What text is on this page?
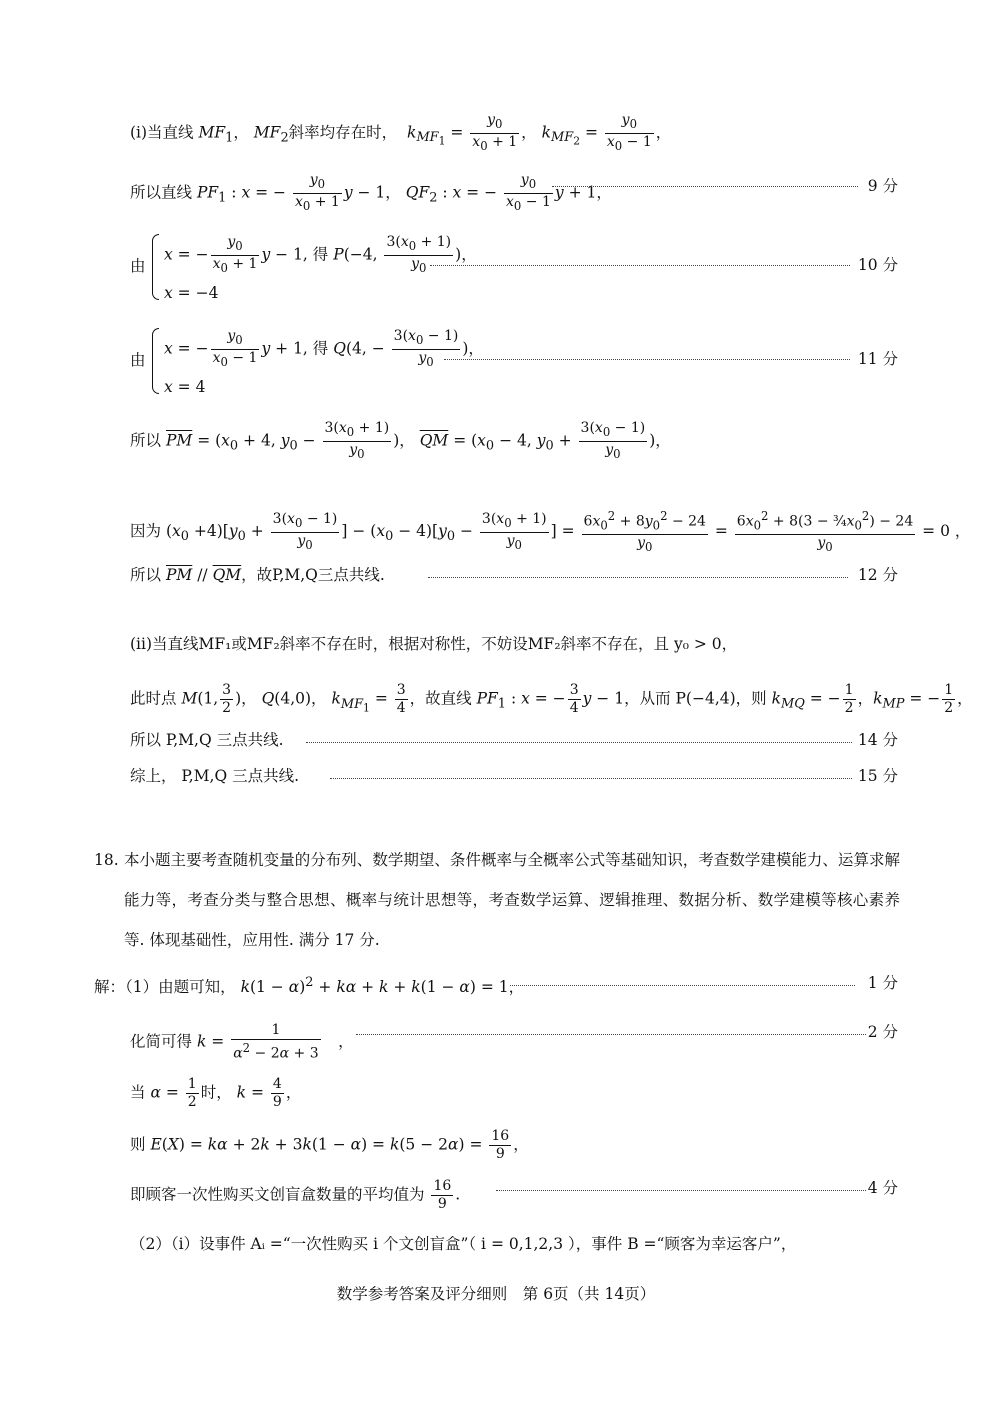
(i)当直线 $MF_1$， $MF_2$斜率均存在时， $k_{MF_1} = \frac{y_0}{x_0 + 1}$ ， $k_{MF_2} = \frac{y_0}{x_0 - 1}$ ，
所以直线 $PF_1$ : x = − $\frac{y_0}{x_0 + 1}$ y − 1， $QF_2$ : x = − $\frac{y_0}{x_0 - 1}$ y + 1，	9 分
由
x = − $\frac{y_0}{x_0 + 1}$ y − 1, 得 P(−4, $\frac{3(x_0 + 1)}{y_0}$ )，
x = −4
10 分
由
x = − $\frac{y_0}{x_0 - 1}$ y + 1, 得 Q(4, − $\frac{3(x_0 - 1)}{y_0}$ )，
x = 4
11 分
所以 $\overline{PM} = (x_0 + 4$, $y_0 - \frac{3(x_0 + 1)}{y_0}$ )， $\overline{QM} = (x_0 - 4$, $y_0 + \frac{3(x_0 - 1)}{y_0}$ )，
因为 $(x_0 +4)[y_0 + \frac{3(x_0 - 1)}{y_0}$ ] − $(x_0 - 4)[y_0 - \frac{3(x_0 + 1)}{y_0}$ ] = $\frac{6x_0^2 + 8y_0^2 - 24}{y_0} = \frac{6x_0^2 + 8(3 - \frac{3}{4}x_0^2) - 24}{y_0} = 0$ ，
所以 $\overline{PM} // \overline{QM}$，故P,M,Q三点共线.	12 分
(ii)当直线MF₁或MF₂斜率不存在时，根据对称性，不妨设MF₂斜率不存在，且 y₀ > 0，
此时点 M(1, $\frac{3}{2}$ )， Q(4,0)， $k_{MF_1} = \frac{3}{4}$ ，故直线 $PF_1$ : x = − $\frac{3}{4}$ y − 1，从而 P(−4,4)，则 $k_{MQ}$ = − $\frac{1}{2}$ ，$k_{MP}$ = − $\frac{1}{2}$ ，
所以 P,M,Q 三点共线.	14 分
综上， P,M,Q 三点共线.	15 分
18. 本小题主要考查随机变量的分布列、数学期望、条件概率与全概率公式等基础知识，考查数学建模能力、运算求解能力等，考查分类与整合思想、概率与统计思想等，考查数学运算、逻辑推理、数据分析、数学建模等核心素养等. 体现基础性，应用性. 满分 17 分.
解：（1）由题可知， $k(1 - \alpha)^2 + k\alpha + k + k(1 - \alpha) = 1$，	1 分
化简可得 $k = \frac{1}{\alpha^2 - 2\alpha + 3}$ 　，
2 分
当 $\alpha = \frac{1}{2}$ 时， $k = \frac{4}{9}$ ，
则 $E(X) = k\alpha + 2k + 3k(1 - \alpha) = k(5 - 2\alpha) = \frac{16}{9}$ ，
即顾客一次性购买文创盲盒数量的平均值为 $\frac{16}{9}$ .	4 分
（2）（i）设事件 Aᵢ =“一次性购买 i 个文创盲盒”（ i = 0,1,2,3 ），事件 B =“顾客为幸运客户”，
数学参考答案及评分细则　第 6页（共 14页）
